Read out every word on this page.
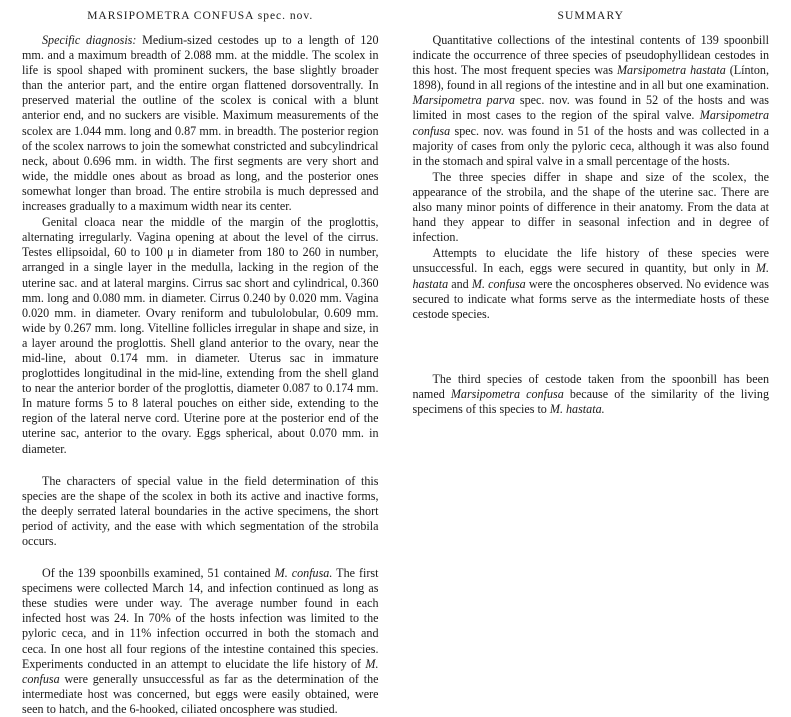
MARSIPOMETRA CONFUSA spec. nov.

Specific diagnosis: Medium-sized cestodes up to a length of 120 mm. and a maximum breadth of 2.088 mm. at the middle. The scolex in life is spool shaped with prominent suckers, the base slightly broader than the anterior part, and the entire organ flattened dorsoventrally. In preserved material the outline of the scolex is conical with a blunt anterior end, and no suckers are visible. Maximum measurements of the scolex are 1.044 mm. long and 0.87 mm. in breadth. The posterior region of the scolex narrows to join the somewhat constricted and subcylindrical neck, about 0.696 mm. in width. The first segments are very short and wide, the middle ones about as broad as long, and the posterior ones somewhat longer than broad. The entire strobila is much depressed and increases gradually to a maximum width near its center.

Genital cloaca near the middle of the margin of the proglottis, alternating irregularly. Vagina opening at about the level of the cirrus. Testes ellipsoidal, 60 to 100 μ in diameter from 180 to 260 in number, arranged in a single layer in the medulla, lacking in the region of the uterine sac. and at lateral margins. Cirrus sac short and cylindrical, 0.360 mm. long and 0.080 mm. in diameter. Cirrus 0.240 by 0.020 mm. Vagina 0.020 mm. in diameter. Ovary reniform and tubulolobular, 0.609 mm. wide by 0.267 mm. long. Vitelline follicles irregular in shape and size, in a layer around the proglottis. Shell gland anterior to the ovary, near the mid-line, about 0.174 mm. in diameter. Uterus sac in immature proglottides longitudinal in the mid-line, extending from the shell gland to near the anterior border of the proglottis, diameter 0.087 to 0.174 mm. In mature forms 5 to 8 lateral pouches on either side, extending to the region of the lateral nerve cord. Uterine pore at the posterior end of the uterine sac, anterior to the ovary. Eggs spherical, about 0.070 mm. in diameter.

The characters of special value in the field determination of this species are the shape of the scolex in both its active and inactive forms, the deeply serrated lateral boundaries in the active specimens, the short period of activity, and the ease with which segmentation of the strobila occurs.

Of the 139 spoonbills examined, 51 contained M. confusa. The first specimens were collected March 14, and infection continued as long as these studies were under way. The average number found in each infected host was 24. In 70% of the hosts infection was limited to the pyloric ceca, and in 11% infection occurred in both the stomach and ceca. In one host all four regions of the intestine contained this species. Experiments conducted in an attempt to elucidate the life history of M. confusa were generally unsuccessful as far as the determination of the intermediate host was concerned, but eggs were easily obtained, were seen to hatch, and the 6-hooked, ciliated oncosphere was studied.

SUMMARY

Quantitative collections of the intestinal contents of 139 spoonbill indicate the occurrence of three species of pseudophyllidean cestodes in this host. The most frequent species was Marsipometra hastata (Línton, 1898), found in all regions of the intestine and in all but one examination. Marsipometra parva spec. nov. was found in 52 of the hosts and was limited in most cases to the region of the spiral valve. Marsipometra confusa spec. nov. was found in 51 of the hosts and was collected in a majority of cases from only the pyloric ceca, although it was also found in the stomach and spiral valve in a small percentage of the hosts.

The three species differ in shape and size of the scolex, the appearance of the strobila, and the shape of the uterine sac. There are also many minor points of difference in their anatomy. From the data at hand they appear to differ in seasonal infection and in degree of infection.

Attempts to elucidate the life history of these species were unsuccessful. In each, eggs were secured in quantity, but only in M. hastata and M. confusa were the oncospheres observed. No evidence was secured to indicate what forms serve as the intermediate hosts of these cestode species.

The third species of cestode taken from the spoonbill has been named Marsipometra confusa because of the similarity of the living specimens of this species to M. hastata.
